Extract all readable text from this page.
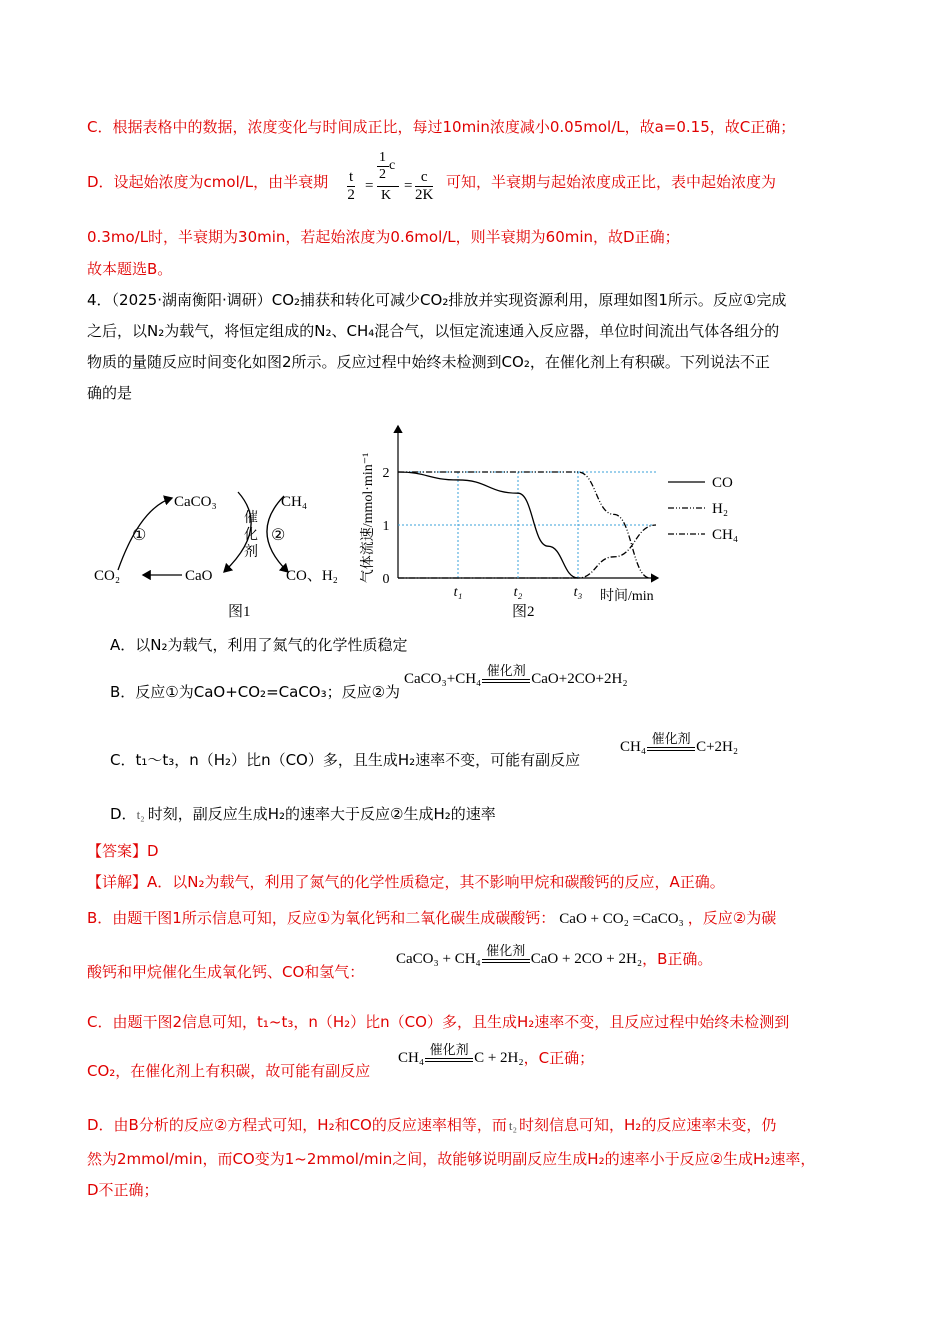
C．根据表格中的数据，浓度变化与时间成正比，每过10min浓度减小0.05mol/L，故a=0.15，故C正确；
D．设起始浓度为cmol/L，由半衰期 $\frac{t}{2}$ =
1
2
c
K
= $\frac{c}{2K}$ 可知，半衰期与起始浓度成正比，表中起始浓度为
0.3mo/L时，半衰期为30min，若起始浓度为0.6mol/L，则半衰期为60min，故D正确；
故本题选B。
4．（2025·湖南衡阳·调研）CO₂捕获和转化可减少CO₂排放并实现资源利用，原理如图1所示。反应①完成
之后，以N₂为载气，将恒定组成的N₂、CH₄混合气，以恒定流速通入反应器，单位时间流出气体各组分的
物质的量随反应时间变化如图2所示。反应过程中始终未检测到CO₂，在催化剂上有积碳。下列说法不正
确的是
CaCO₃	CH₄
CaO
CO₂	CO、H₂
①	②
催
化
剂
图1
气体流速/mmol·min⁻¹ 0
1
2
t₁	t₂	t₃ 时间/min
图2
CO
H₂
CH₄
A．以N₂为载气，利用了氮气的化学性质稳定
B．反应①为CaO+CO₂=CaCO₃；反应②为
CaCO₃+CH₄ 催化剂 CaO+2CO+2H₂
C．t₁～t₃，n（H₂）比n（CO）多，且生成H₂速率不变，可能有副反应
CH₄ 催化剂 C+2H₂
D．t₂ 时刻，副反应生成H₂的速率大于反应②生成H₂的速率
【答案】D
【详解】A．以N₂为载气，利用了氮气的化学性质稳定，其不影响甲烷和碳酸钙的反应，A正确。
B．由题干图1所示信息可知，反应①为氧化钙和二氧化碳生成碳酸钙： CaO + CO₂ =CaCO₃ ，反应②为碳
酸钙和甲烷催化生成氧化钙、CO和氢气：
CaCO₃ + CH₄ 催化剂 CaO + 2CO + 2H₂，B正确。
C．由题干图2信息可知，t₁~t₃，n（H₂）比n（CO）多，且生成H₂速率不变，且反应过程中始终未检测到
CO₂，在催化剂上有积碳，故可能有副反应
CH₄ 催化剂 C + 2H₂，C正确；
D．由B分析的反应②方程式可知，H₂和CO的反应速率相等，而 t₂ 时刻信息可知，H₂的反应速率未变，仍
然为2mmol/min，而CO变为1~2mmol/min之间，故能够说明副反应生成H₂的速率小于反应②生成H₂速率，
D不正确；
